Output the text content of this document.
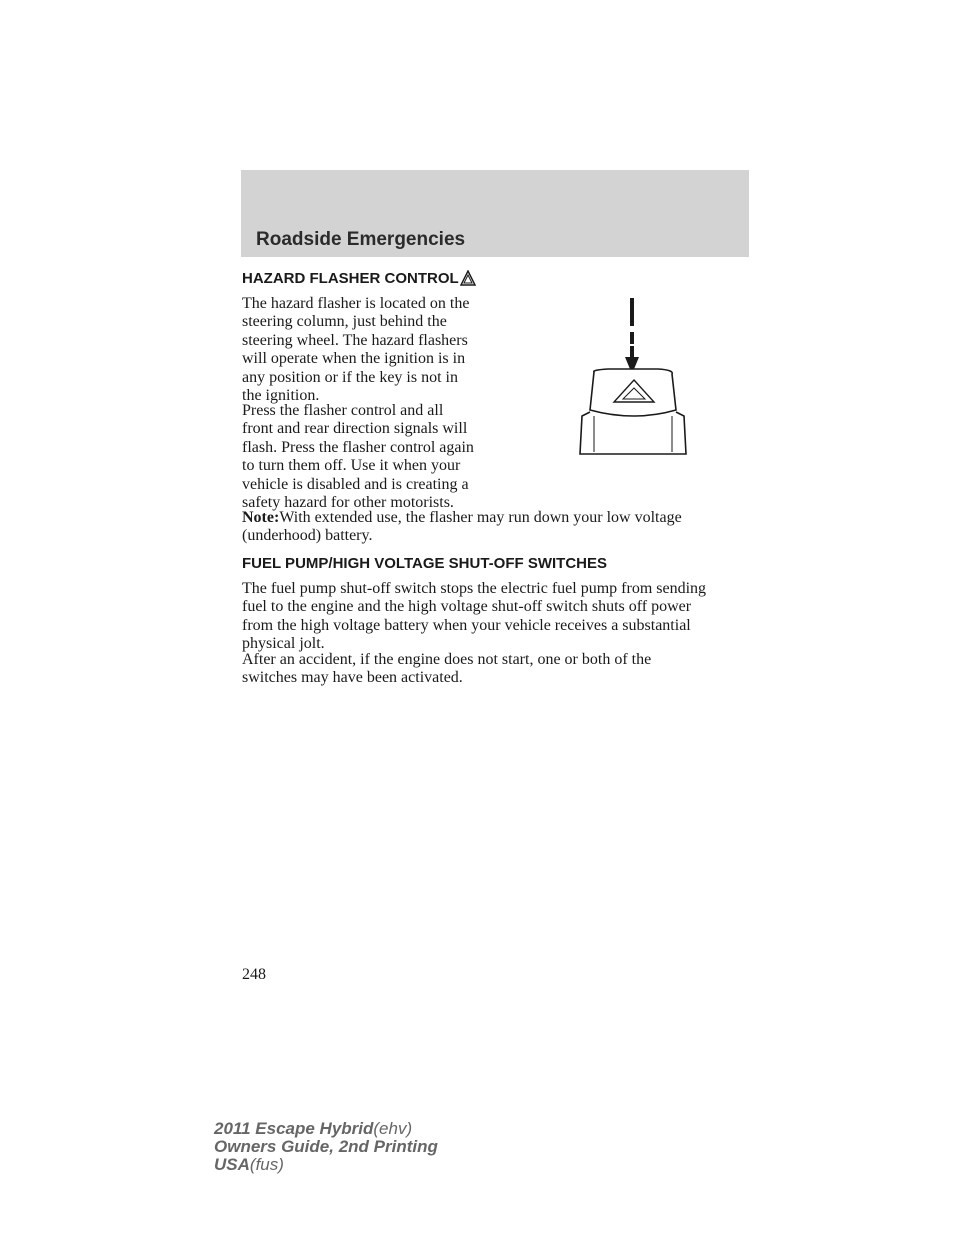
Roadside Emergencies
HAZARD FLASHER CONTROL

The hazard flasher is located on the
steering column, just behind the
steering wheel. The hazard flashers
will operate when the ignition is in
any position or if the key is not in
the ignition.

Press the flasher control and all
front and rear direction signals will
flash. Press the flasher control again
to turn them off. Use it when your
vehicle is disabled and is creating a
safety hazard for other motorists.

Note:With extended use, the flasher may run down your low voltage
(underhood) battery.

FUEL PUMP/HIGH VOLTAGE SHUT-OFF SWITCHES

The fuel pump shut-off switch stops the electric fuel pump from sending
fuel to the engine and the high voltage shut-off switch shuts off power
from the high voltage battery when your vehicle receives a substantial
physical jolt.

After an accident, if the engine does not start, one or both of the
switches may have been activated.

248

2011 Escape Hybrid(ehv)
Owners Guide, 2nd Printing
USA(fus)
